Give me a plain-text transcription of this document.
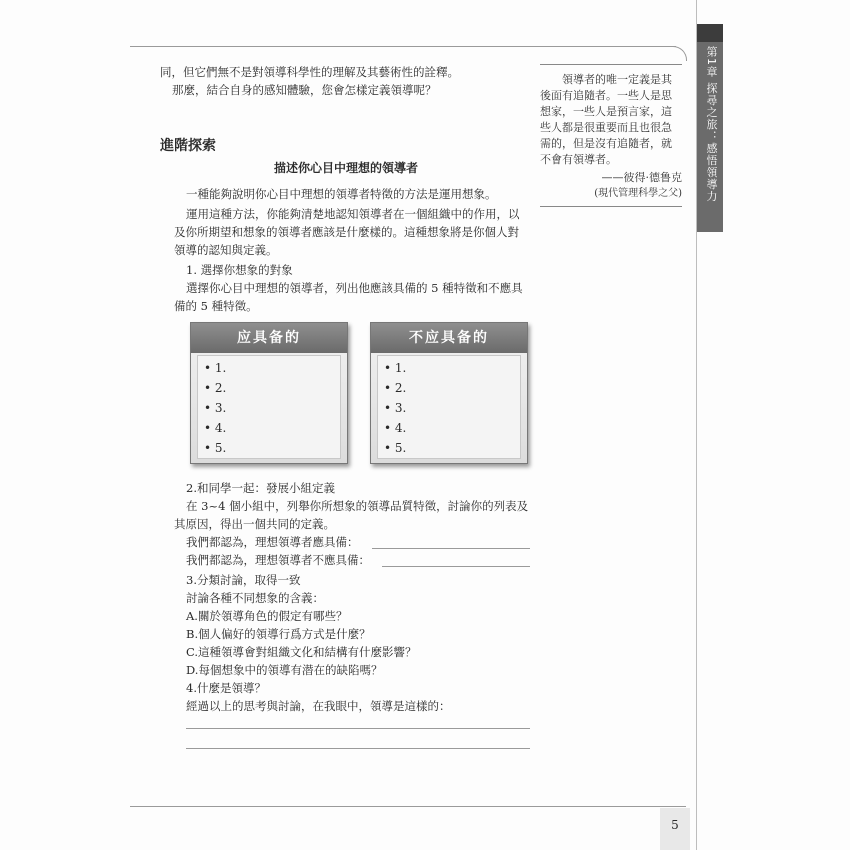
第1章 探尋之旅：感悟領導力
同，但它們無不是對領導科學性的理解及其藝術性的詮釋。
那麼，結合自身的感知體驗，您會怎樣定義領導呢？
領導者的唯一定義是其後面有追隨者。一些人是思想家，一些人是預言家，這些人都是很重要而且也很急需的，但是沒有追隨者，就不會有領導者。
——彼得·德鲁克
(現代管理科學之父)
進階探索
描述你心目中理想的領導者
一種能夠說明你心目中理想的領導者特徵的方法是運用想象。
運用這種方法，你能夠清楚地認知領導者在一個組織中的作用，以
及你所期望和想象的領導者應該是什麼樣的。這種想象將是你個人對
領導的認知與定義。
1. 選擇你想象的對象
選擇你心目中理想的領導者，列出他應該具備的 5 種特徵和不應具
備的 5 種特徵。
应具备的
• 1.
• 2.
• 3.
• 4.
• 5.
不应具备的
• 1.
• 2.
• 3.
• 4.
• 5.
2.和同學一起：發展小組定義
在 3~4 個小組中，列舉你所想象的領導品質特徵，討論你的列表及
其原因，得出一個共同的定義。
我們都認為，理想領導者應具備：
我們都認為，理想領導者不應具備：
3.分類討論，取得一致
討論各種不同想象的含義：
A.關於領導角色的假定有哪些？
B.個人偏好的領導行爲方式是什麼？
C.這種領導會對組織文化和結構有什麼影響？
D.每個想象中的領導有潜在的缺陷嗎？
4.什麼是領導？
經過以上的思考與討論，在我眼中，領導是這樣的：
5
